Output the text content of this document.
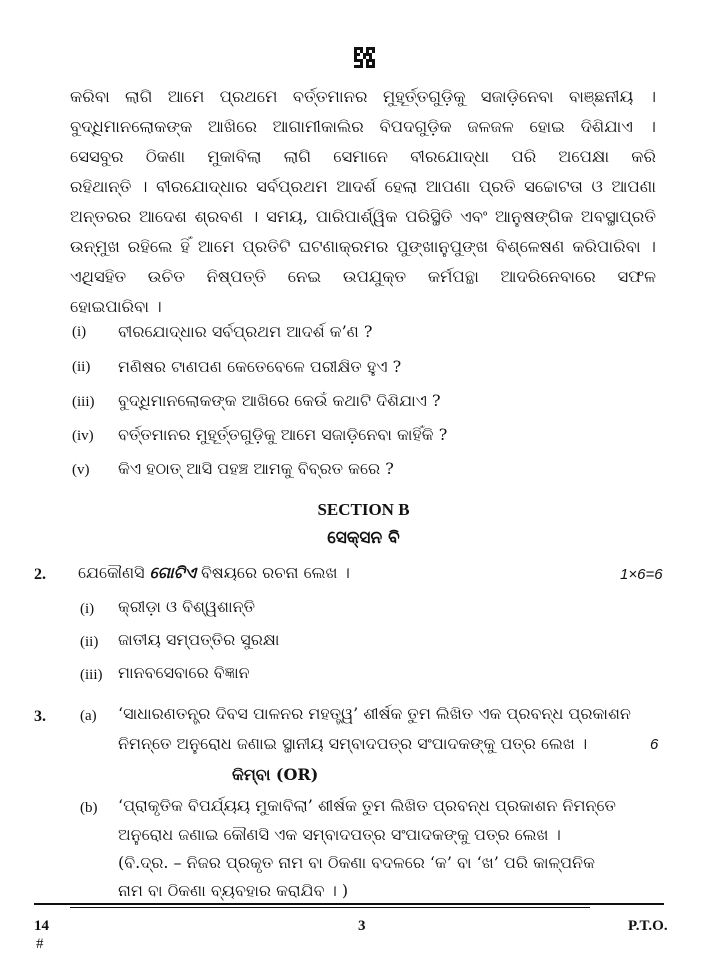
କରିବା ଲାଗି ଆମେ ପ୍ରଥମେ ବର୍ତ୍ତମାନର ମୁହୂର୍ତ୍ତଗୁଡ଼ିକୁ ସଜାଡ଼ିନେବା ବାଞ୍ଛନୀୟ ।
ବୁଦ୍ଧିମାନଲୋକଙ୍କ ଆଖିରେ ଆଗାମୀକାଲିର ବିପଦଗୁଡ଼ିକ ଜଳଜଳ ହୋଇ ଦିଶିଯାଏ ।
ସେସବୁର ଠିକଣା ମୁକାବିଲା ଲାଗି ସେମାନେ ବୀରଯୋଦ୍ଧା ପରି ଅପେକ୍ଷା କରି
ରହିଥାନ୍ତି । ବୀରଯୋଦ୍ଧାର ସର୍ବପ୍ରଥମ ଆଦର୍ଶ ହେଲା ଆପଣା ପ୍ରତି ସଚ୍ଚୋଟତା ଓ ଆପଣା
ଅନ୍ତରର ଆଦେଶ ଶ୍ରବଣ । ସମୟ, ପାରିପାର୍ଶ୍ୱିକ ପରିସ୍ଥିତି ଏବଂ ଆନୁଷଙ୍ଗିକ ଅବସ୍ଥାପ୍ରତି
ଉନ୍ମୁଖ ରହିଲେ ହିଁ ଆମେ ପ୍ରତିଟି ଘଟଣାକ୍ରମର ପୁଙ୍ଖାନୁପୁଙ୍ଖ ବିଶ୍ଳେଷଣ କରିପାରିବା ।
ଏଥିସହିତ ଉଚିତ ନିଷ୍ପତ୍ତି ନେଇ ଉପଯୁକ୍ତ କର୍ମପନ୍ଥା ଆଦରିନେବାରେ ସଫଳ
ହୋଇପାରିବା ।
(i) ବୀରଯୋଦ୍ଧାର ସର୍ବପ୍ରଥମ ଆଦର୍ଶ କ’ଣ ?
(ii) ମଣିଷର ଟାଣପଣ କେତେବେଳେ ପରୀକ୍ଷିତ ହୁଏ ?
(iii) ବୁଦ୍ଧିମାନଲୋକଙ୍କ ଆଖିରେ କେଉଁ କଥାଟି ଦିଶିଯାଏ ?
(iv) ବର୍ତ୍ତମାନର ମୁହୂର୍ତ୍ତଗୁଡ଼ିକୁ ଆମେ ସଜାଡ଼ିନେବା କାହିଁକି ?
(v) କିଏ ହଠାତ୍ ଆସି ପହଞ୍ଚ ଆମକୁ ବିବ୍ରତ କରେ ?
SECTION B
ସେକ୍ସନ ବି
2. ଯେକୌଣସି ଗୋଟିଏ ବିଷୟରେ ରଚନା ଲେଖ ।	1×6=6
(i) କ୍ରୀଡ଼ା ଓ ବିଶ୍ୱଶାନ୍ତି
(ii) ଜାତୀୟ ସମ୍ପତ୍ତିର ସୁରକ୍ଷା
(iii) ମାନବସେବାରେ ବିଜ୍ଞାନ
3. (a) ‘ସାଧାରଣତନ୍ତ୍ର ଦିବସ ପାଳନର ମହତ୍ତ୍ୱ’ ଶୀର୍ଷକ ତୁମ ଲିଖିତ ଏକ ପ୍ରବନ୍ଧ ପ୍ରକାଶନ
ନିମନ୍ତେ ଅନୁରୋଧ ଜଣାଇ ସ୍ଥାନୀୟ ସମ୍ବାଦପତ୍ର ସଂପାଦକଙ୍କୁ ପତ୍ର ଲେଖ ।	6
କିମ୍ବା (OR)
(b) ‘ପ୍ରାକୃତିକ ବିପର୍ଯ୍ୟୟ ମୁକାବିଲା’ ଶୀର୍ଷକ ତୁମ ଲିଖିତ ପ୍ରବନ୍ଧ ପ୍ରକାଶନ ନିମନ୍ତେ
ଅନୁରୋଧ ଜଣାଇ କୌଣସି ଏକ ସମ୍ବାଦପତ୍ର ସଂପାଦକଙ୍କୁ ପତ୍ର ଲେଖ ।
(ବି.ଦ୍ର. – ନିଜର ପ୍ରକୃତ ନାମ ବା ଠିକଣା ବଦଳରେ ‘କ’ ବା ‘ଖ’ ପରି କାଳ୍ପନିକ
ନାମ ବା ଠିକଣା ବ୍ୟବହାର କରାଯିବ । )
14
#
3	P.T.O.
